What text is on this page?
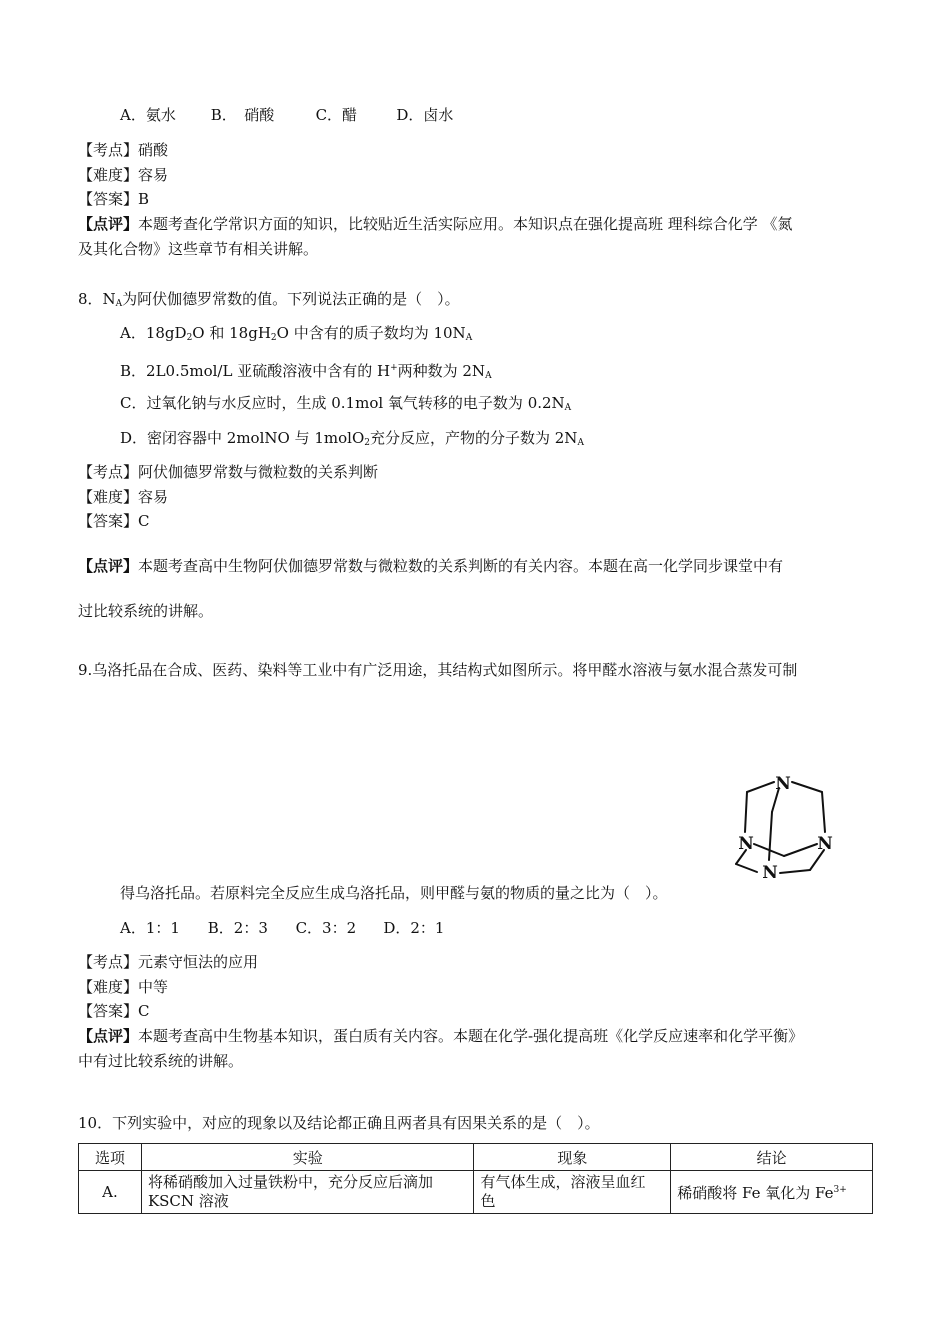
A．氨水 B．　硝酸	C．醋	D．卤水
【考点】硝酸
【难度】容易
【答案】B
【点评】本题考查化学常识方面的知识，比较贴近生活实际应用。本知识点在强化提高班 理科综合化学 《氮
及其化合物》这些章节有相关讲解。
8．$N_A$为阿伏伽德罗常数的值。下列说法正确的是（　）。
A．$18gD_2O$ 和 $18gH_2O$ 中含有的质子数均为 $10N_A$
B．2L0.5mol/L 亚硫酸溶液中含有的 H+两种数为 $2N_A$
C．过氧化钠与水反应时，生成 0.1mol 氧气转移的电子数为 $0.2N_A$
D．密闭容器中 2molNO 与 1molO$_2$充分反应，产物的分子数为 $2N_A$
【考点】阿伏伽德罗常数与微粒数的关系判断
【难度】容易
【答案】C
【点评】本题考查高中生物阿伏伽德罗常数与微粒数的关系判断的有关内容。本题在高一化学同步课堂中有
过比较系统的讲解。
9.乌洛托品在合成、医药、染料等工业中有广泛用途，其结构式如图所示。将甲醛水溶液与氨水混合蒸发可制
N
N	N
N
得乌洛托品。若原料完全反应生成乌洛托品，则甲醛与氨的物质的量之比为（　）。
A．1：1 B．2：3 C．3：2 D．2：1
【考点】元素守恒法的应用
【难度】中等
【答案】C
【点评】本题考查高中生物基本知识，蛋白质有关内容。本题在化学-强化提高班《化学反应速率和化学平衡》
中有过比较系统的讲解。
10．下列实验中，对应的现象以及结论都正确且两者具有因果关系的是（　）。
选项	实验	现象	结论
A.	将稀硝酸加入过量铁粉中，充分反应后滴加
KSCN 溶液	有气体生成，溶液呈血红
色	稀硝酸将 Fe 氧化为 $Fe^{3+}$
